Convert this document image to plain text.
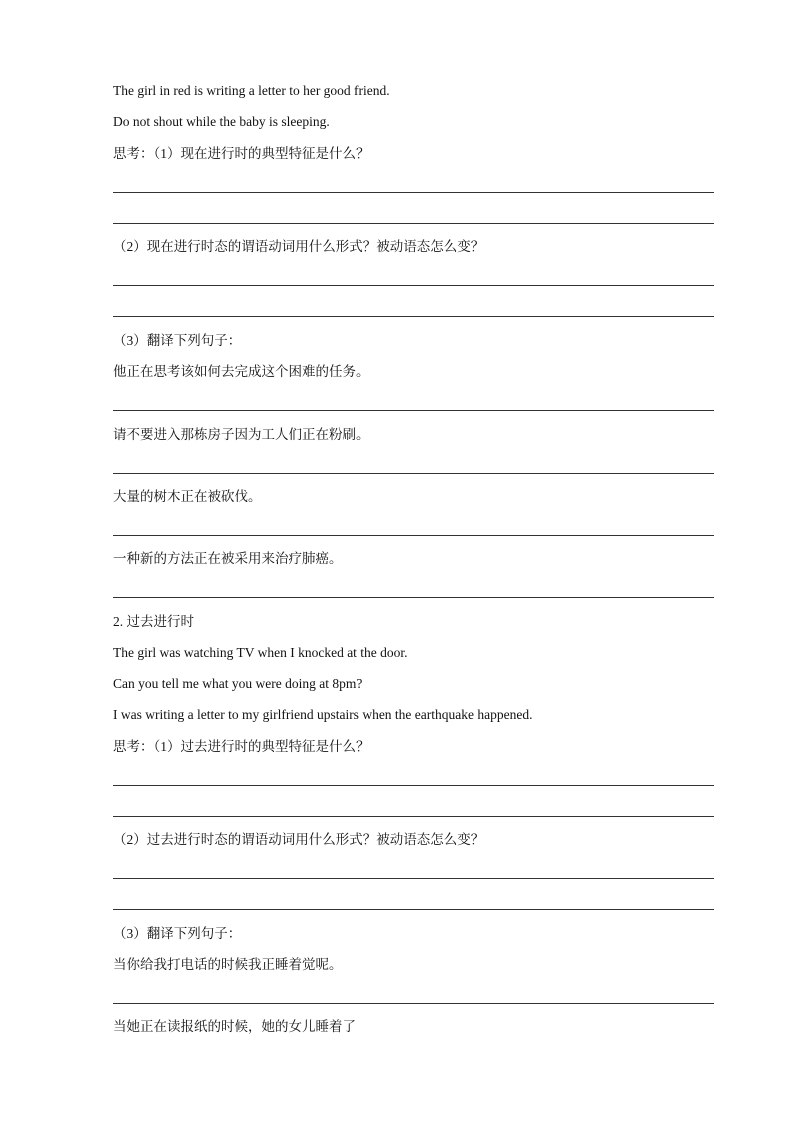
The girl in red is writing a letter to her good friend.
Do not shout while the baby is sleeping.
思考：（1）现在进行时的典型特征是什么？
（2）现在进行时态的谓语动词用什么形式？被动语态怎么变？
（3）翻译下列句子：
他正在思考该如何去完成这个困难的任务。
请不要进入那栋房子因为工人们正在粉刷。
大量的树木正在被砍伐。
一种新的方法正在被采用来治疗肺癌。
2. 过去进行时
The girl was watching TV when I knocked at the door.
Can you tell me what you were doing at 8pm?
I was writing a letter to my girlfriend upstairs when the earthquake happened.
思考：（1）过去进行时的典型特征是什么？
（2）过去进行时态的谓语动词用什么形式？被动语态怎么变？
（3）翻译下列句子：
当你给我打电话的时候我正睡着觉呢。
当她正在读报纸的时候，她的女儿睡着了
